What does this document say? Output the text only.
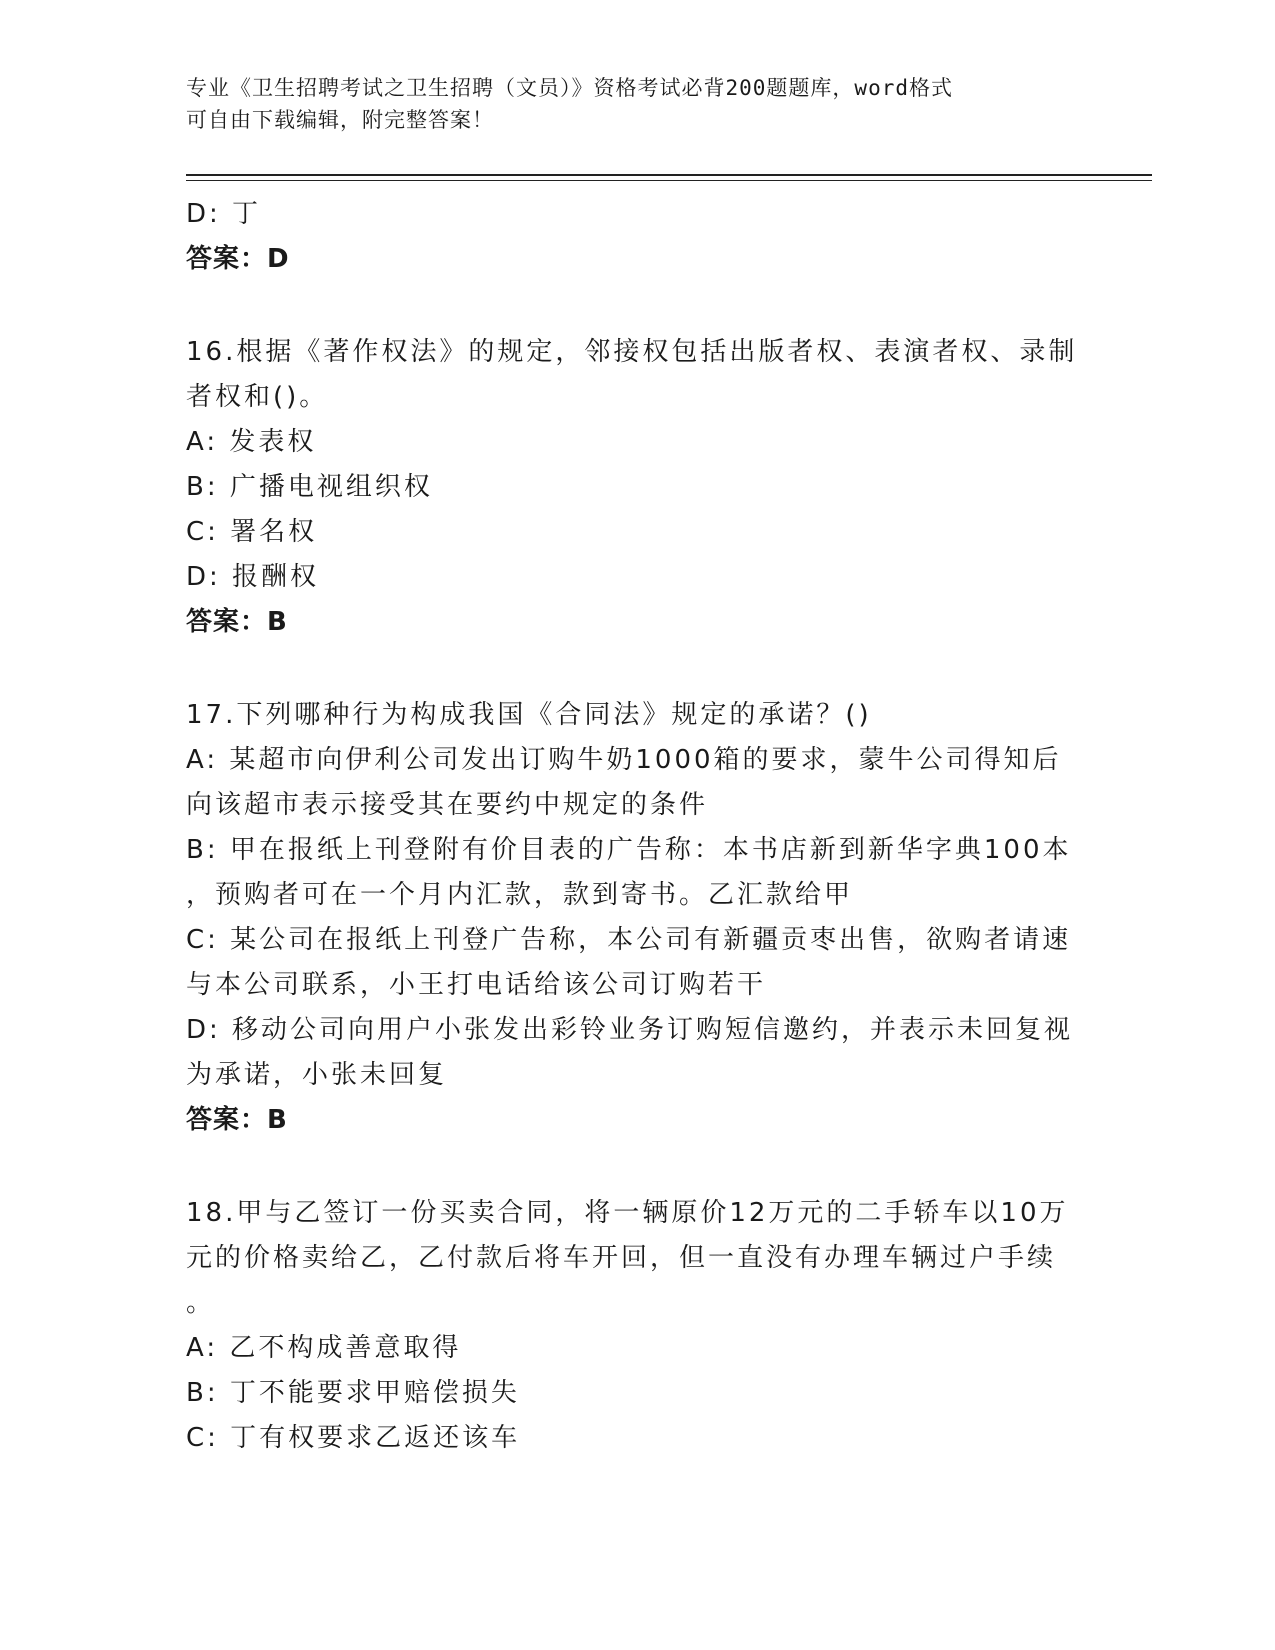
专业《卫生招聘考试之卫生招聘（文员）》资格考试必背200题题库，word格式
可自由下载编辑，附完整答案！
D: 丁
答案：D
16.根据《著作权法》的规定，邻接权包括出版者权、表演者权、录制
者权和()。
A: 发表权
B: 广播电视组织权
C: 署名权
D: 报酬权
答案：B
17.下列哪种行为构成我国《合同法》规定的承诺？()
A: 某超市向伊利公司发出订购牛奶1000箱的要求，蒙牛公司得知后
向该超市表示接受其在要约中规定的条件
B: 甲在报纸上刊登附有价目表的广告称：本书店新到新华字典100本
，预购者可在一个月内汇款，款到寄书。乙汇款给甲
C: 某公司在报纸上刊登广告称，本公司有新疆贡枣出售，欲购者请速
与本公司联系，小王打电话给该公司订购若干
D: 移动公司向用户小张发出彩铃业务订购短信邀约，并表示未回复视
为承诺，小张未回复
答案：B
18.甲与乙签订一份买卖合同，将一辆原价12万元的二手轿车以10万
元的价格卖给乙，乙付款后将车开回，但一直没有办理车辆过户手续
。
A: 乙不构成善意取得
B: 丁不能要求甲赔偿损失
C: 丁有权要求乙返还该车
